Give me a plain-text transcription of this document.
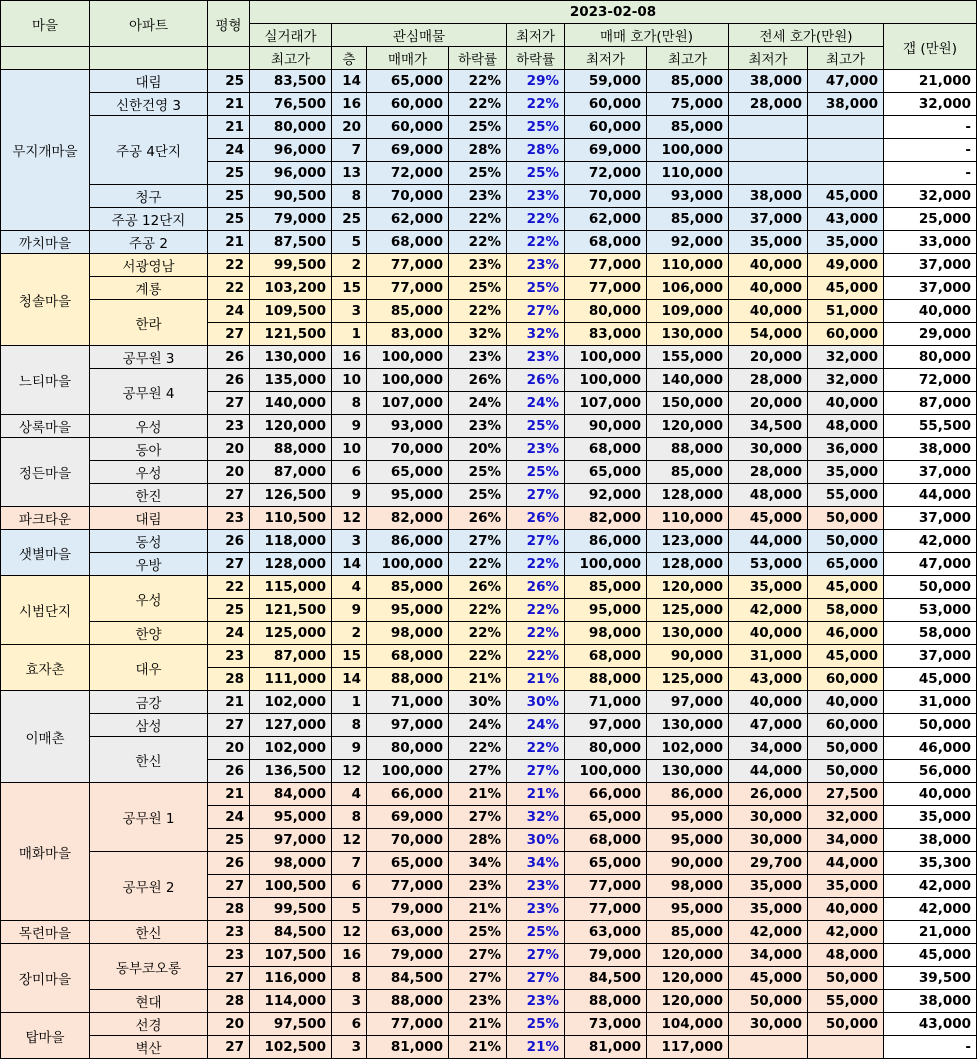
마을	아파트	평형	2023-02-08									
			실거래가	관심매물			최저가	매매 호가(만원)		전세 호가(만원)		갭 (만원)
			최고가	층	매매가	하락률	하락률	최저가	최고가	최저가	최고가	
무지개마을	대림	25	83,500	14	65,000	22%	29%	59,000	85,000	38,000	47,000	21,000
	신한건영 3	21	76,500	16	60,000	22%	22%	60,000	75,000	28,000	38,000	32,000
	주공 4단지	21	80,000	20	60,000	25%	25%	60,000	85,000			-
		24	96,000	7	69,000	28%	28%	69,000	100,000			-
		25	96,000	13	72,000	25%	25%	72,000	110,000			-
	청구	25	90,500	8	70,000	23%	23%	70,000	93,000	38,000	45,000	32,000
	주공 12단지	25	79,000	25	62,000	22%	22%	62,000	85,000	37,000	43,000	25,000
까치마을	주공 2	21	87,500	5	68,000	22%	22%	68,000	92,000	35,000	35,000	33,000
청솔마을	서광영남	22	99,500	2	77,000	23%	23%	77,000	110,000	40,000	49,000	37,000
	계룡	22	103,200	15	77,000	25%	25%	77,000	106,000	40,000	45,000	37,000
	한라	24	109,500	3	85,000	22%	27%	80,000	109,000	40,000	51,000	40,000
		27	121,500	1	83,000	32%	32%	83,000	130,000	54,000	60,000	29,000
느티마을	공무원 3	26	130,000	16	100,000	23%	23%	100,000	155,000	20,000	32,000	80,000
	공무원 4	26	135,000	10	100,000	26%	26%	100,000	140,000	28,000	32,000	72,000
		27	140,000	8	107,000	24%	24%	107,000	150,000	20,000	40,000	87,000
상록마을	우성	23	120,000	9	93,000	23%	25%	90,000	120,000	34,500	48,000	55,500
정든마을	동아	20	88,000	10	70,000	20%	23%	68,000	88,000	30,000	36,000	38,000
	우성	20	87,000	6	65,000	25%	25%	65,000	85,000	28,000	35,000	37,000
	한진	27	126,500	9	95,000	25%	27%	92,000	128,000	48,000	55,000	44,000
파크타운	대림	23	110,500	12	82,000	26%	26%	82,000	110,000	45,000	50,000	37,000
샛별마을	동성	26	118,000	3	86,000	27%	27%	86,000	123,000	44,000	50,000	42,000
	우방	27	128,000	14	100,000	22%	22%	100,000	128,000	53,000	65,000	47,000
시범단지	우성	22	115,000	4	85,000	26%	26%	85,000	120,000	35,000	45,000	50,000
		25	121,500	9	95,000	22%	22%	95,000	125,000	42,000	58,000	53,000
	한양	24	125,000	2	98,000	22%	22%	98,000	130,000	40,000	46,000	58,000
효자촌	대우	23	87,000	15	68,000	22%	22%	68,000	90,000	31,000	45,000	37,000
		28	111,000	14	88,000	21%	21%	88,000	125,000	43,000	60,000	45,000
이매촌	금강	21	102,000	1	71,000	30%	30%	71,000	97,000	40,000	40,000	31,000
	삼성	27	127,000	8	97,000	24%	24%	97,000	130,000	47,000	60,000	50,000
	한신	20	102,000	9	80,000	22%	22%	80,000	102,000	34,000	50,000	46,000
		26	136,500	12	100,000	27%	27%	100,000	130,000	44,000	50,000	56,000
매화마을	공무원 1	21	84,000	4	66,000	21%	21%	66,000	86,000	26,000	27,500	40,000
		24	95,000	8	69,000	27%	32%	65,000	95,000	30,000	32,000	35,000
		25	97,000	12	70,000	28%	30%	68,000	95,000	30,000	34,000	38,000
	공무원 2	26	98,000	7	65,000	34%	34%	65,000	90,000	29,700	44,000	35,300
		27	100,500	6	77,000	23%	23%	77,000	98,000	35,000	35,000	42,000
		28	99,500	5	79,000	21%	23%	77,000	95,000	35,000	40,000	42,000
목련마을	한신	23	84,500	12	63,000	25%	25%	63,000	85,000	42,000	42,000	21,000
장미마을	동부코오롱	23	107,500	16	79,000	27%	27%	79,000	120,000	34,000	48,000	45,000
		27	116,000	8	84,500	27%	27%	84,500	120,000	45,000	50,000	39,500
	현대	28	114,000	3	88,000	23%	23%	88,000	120,000	50,000	55,000	38,000
탑마을	선경	20	97,500	6	77,000	21%	25%	73,000	104,000	30,000	50,000	43,000
	벽산	27	102,500	3	81,000	21%	21%	81,000	117,000			-
